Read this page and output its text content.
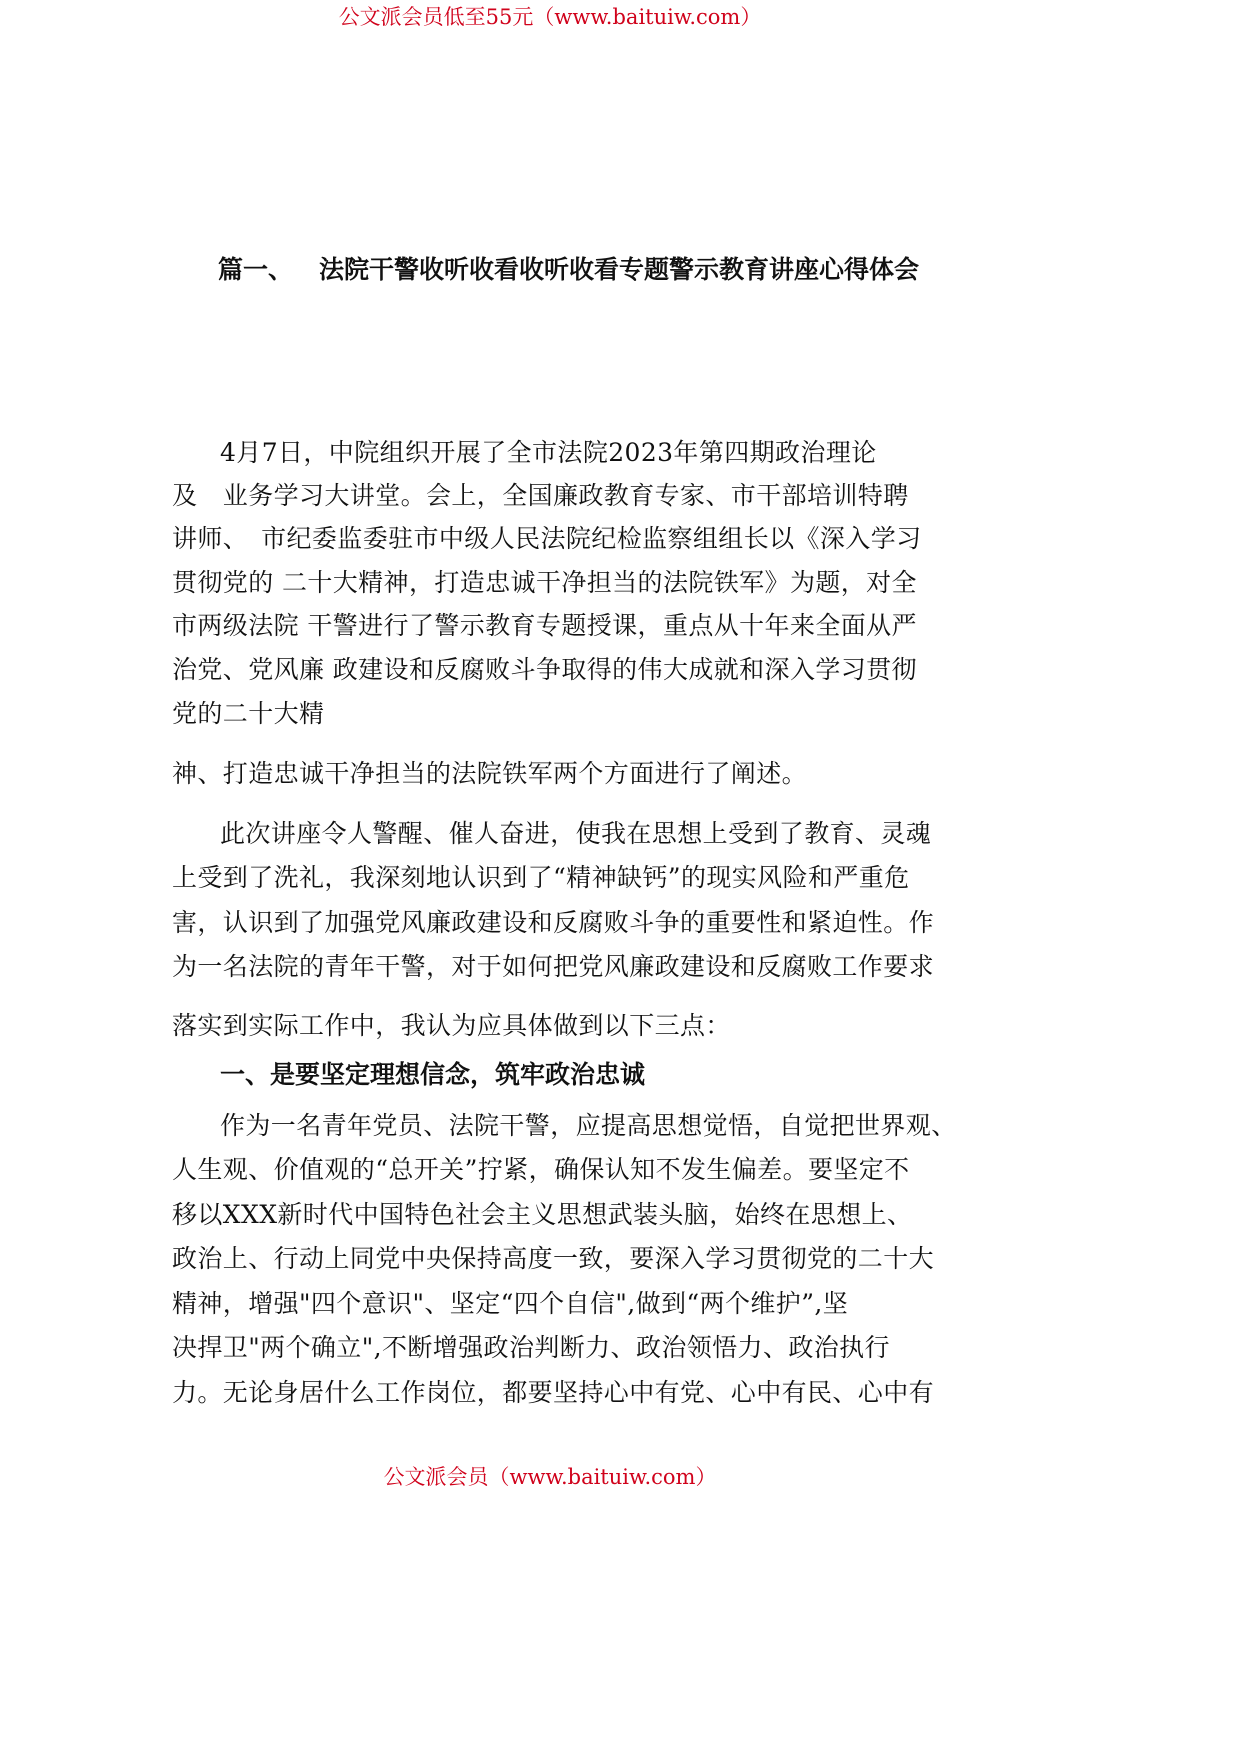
公文派会员低至55元（www.baituiw.com）
篇一、 法院干警收听收看收听收看专题警示教育讲座心得体会
4月7日，中院组织开展了全市法院2023年第四期政治理论
及　业务学习大讲堂。会上，全国廉政教育专家、市干部培训特聘
讲师、　市纪委监委驻市中级人民法院纪检监察组组长以《深入学习
贯彻党的 二十大精神，打造忠诚干净担当的法院铁军》为题，对全
市两级法院 干警进行了警示教育专题授课，重点从十年来全面从严
治党、党风廉 政建设和反腐败斗争取得的伟大成就和深入学习贯彻
党的二十大精
神、打造忠诚干净担当的法院铁军两个方面进行了阐述。
此次讲座令人警醒、催人奋进，使我在思想上受到了教育、灵魂
上受到了洗礼，我深刻地认识到了“精神缺钙”的现实风险和严重危
害，认识到了加强党风廉政建设和反腐败斗争的重要性和紧迫性。作
为一名法院的青年干警，对于如何把党风廉政建设和反腐败工作要求
落实到实际工作中，我认为应具体做到以下三点：
一、是要坚定理想信念，筑牢政治忠诚
作为一名青年党员、法院干警，应提高思想觉悟，自觉把世界观、
人生观、价值观的“总开关”拧紧，确保认知不发生偏差。要坚定不
移以XXX新时代中国特色社会主义思想武装头脑，始终在思想上、
政治上、行动上同党中央保持高度一致，要深入学习贯彻党的二十大
精神，增强"四个意识"、坚定“四个自信",做到“两个维护”,坚
决捍卫"两个确立",不断增强政治判断力、政治领悟力、政治执行
力。无论身居什么工作岗位，都要坚持心中有党、心中有民、心中有
公文派会员（www.baituiw.com）
